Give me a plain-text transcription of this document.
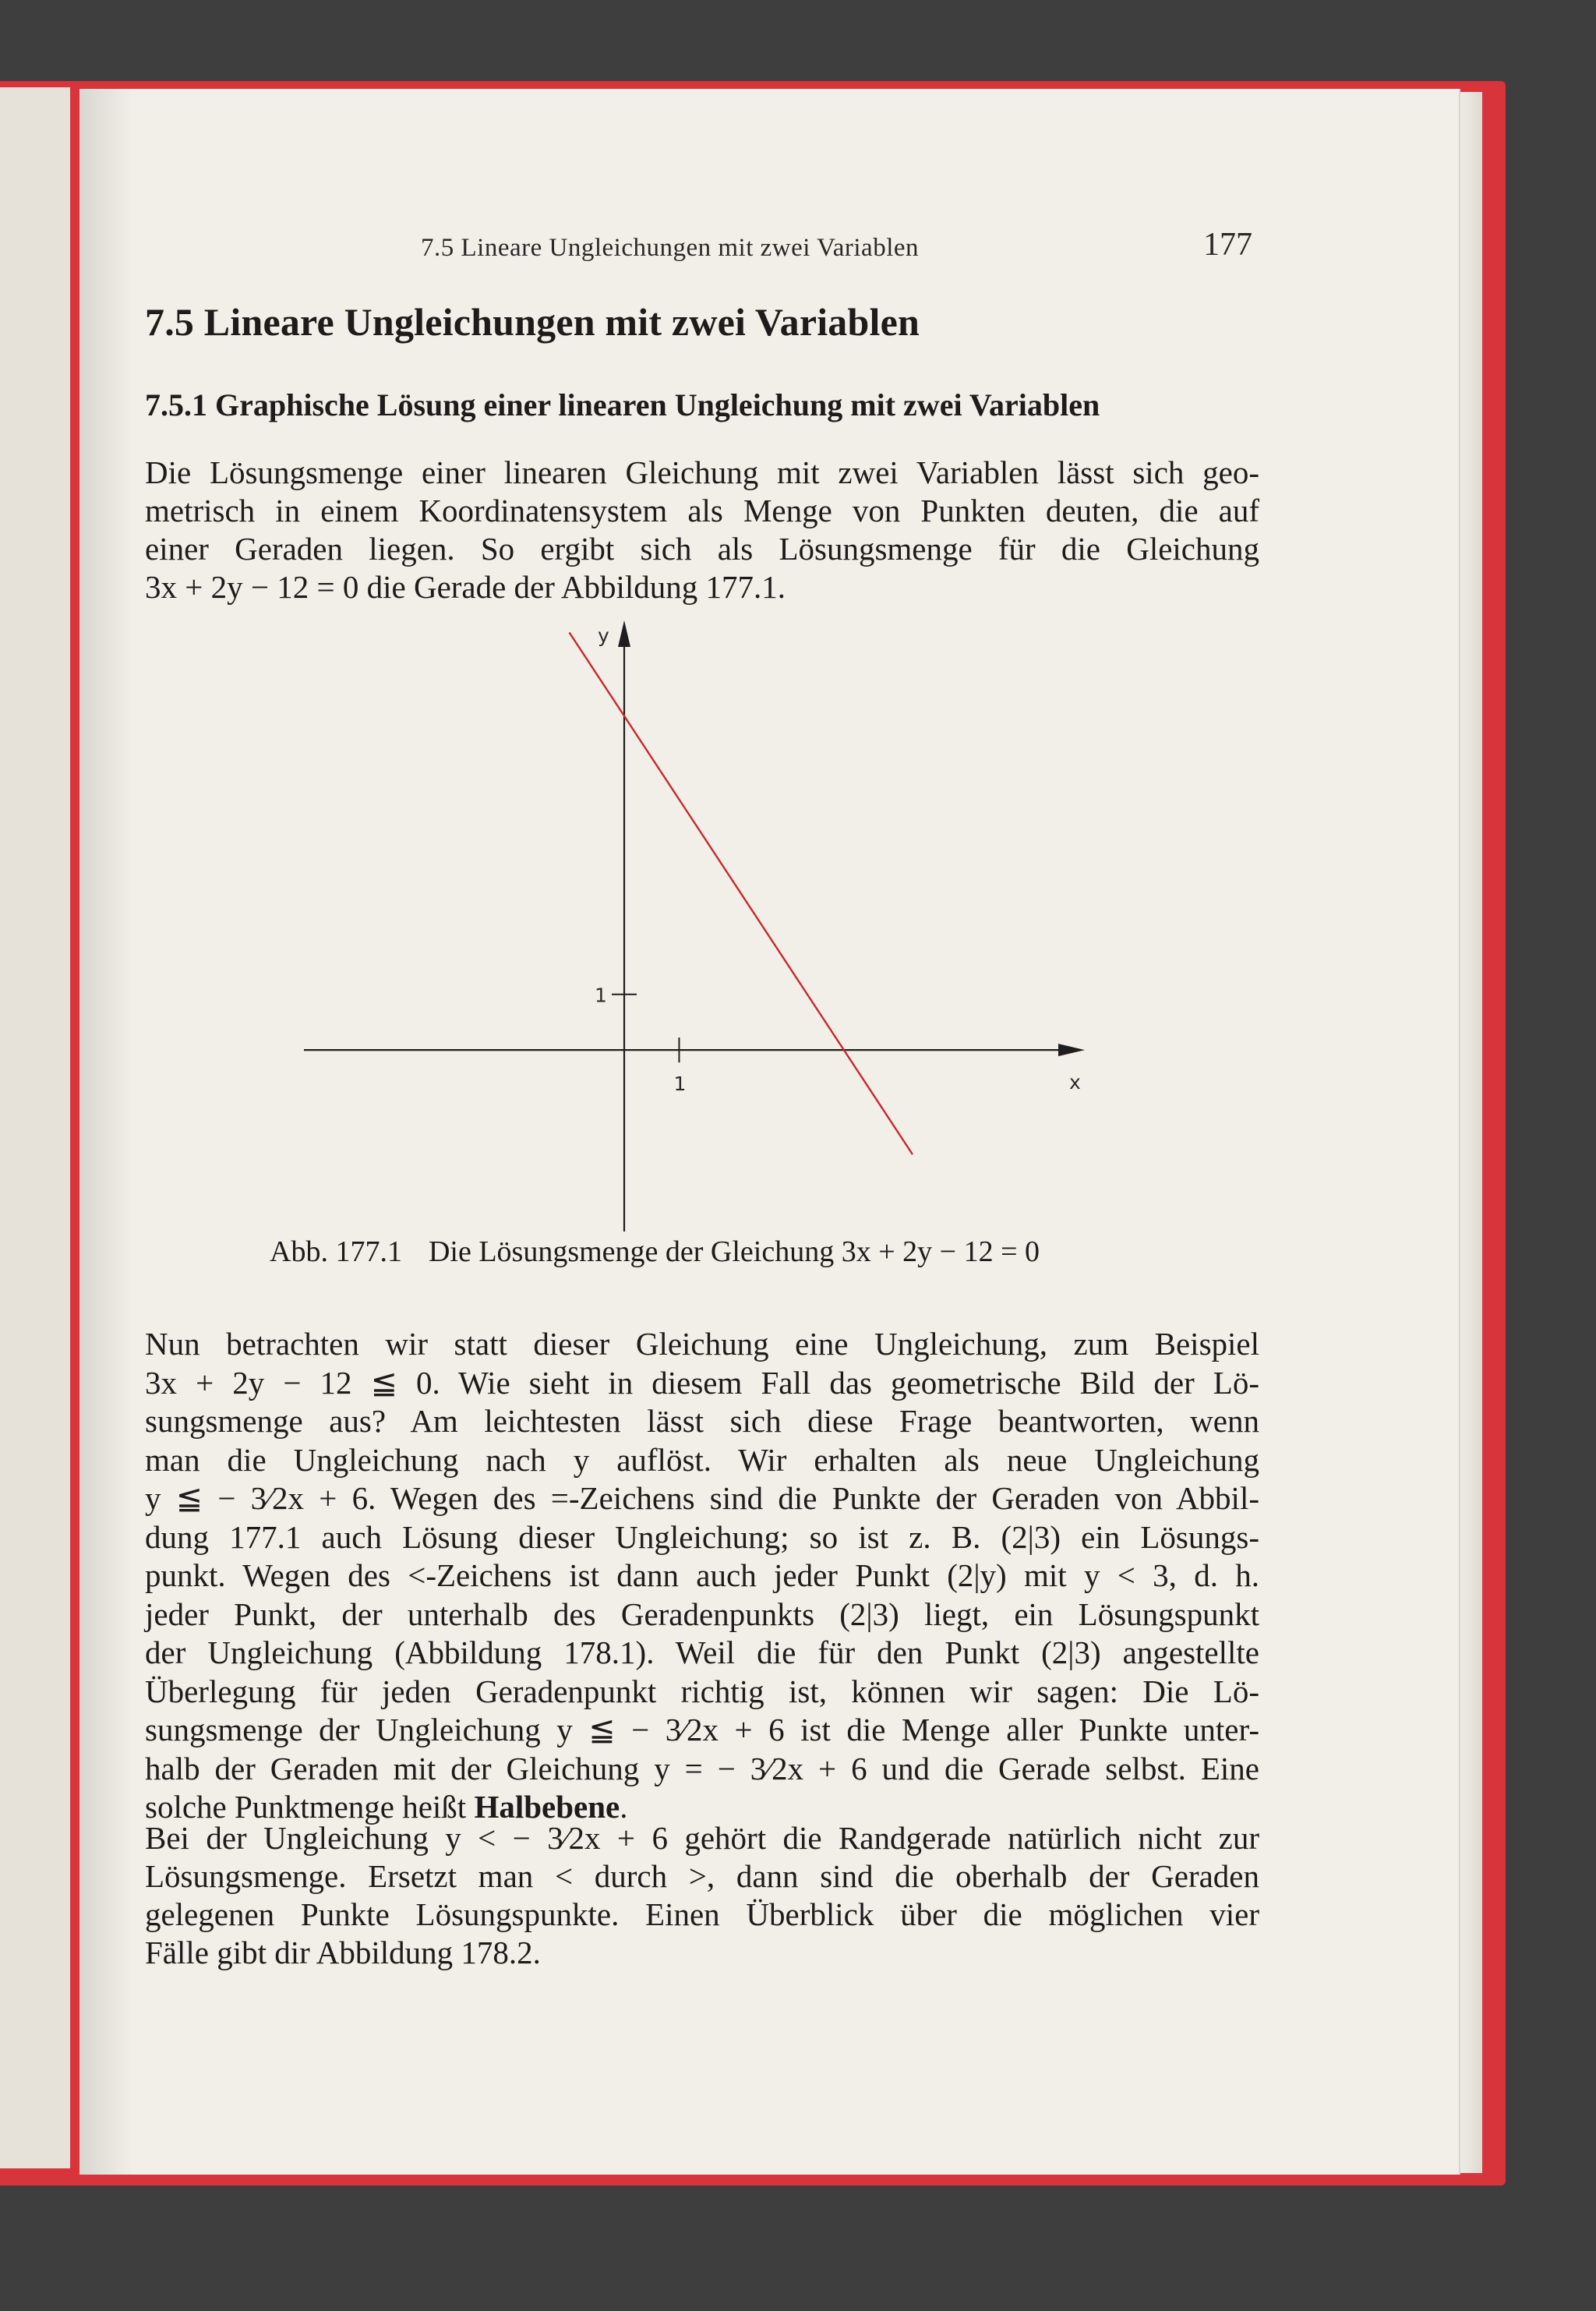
7.5 Lineare Ungleichungen mit zwei Variablen	177

7.5 Lineare Ungleichungen mit zwei Variablen
7.5.1 Graphische Lösung einer linearen Ungleichung mit zwei Variablen
Die Lösungsmenge einer linearen Gleichung mit zwei Variablen lässt sich geo-
metrisch in einem Koordinatensystem als Menge von Punkten deuten, die auf
einer Geraden liegen. So ergibt sich als Lösungsmenge für die Gleichung
3x + 2y − 12 = 0 die Gerade der Abbildung 177.1.
y
x
1
1

Abb. 177.1 Die Lösungsmenge der Gleichung 3x + 2y − 12 = 0

Nun betrachten wir statt dieser Gleichung eine Ungleichung, zum Beispiel
3x + 2y − 12 ≦ 0. Wie sieht in diesem Fall das geometrische Bild der Lö-
sungsmenge aus? Am leichtesten lässt sich diese Frage beantworten, wenn
man die Ungleichung nach y auflöst. Wir erhalten als neue Ungleichung
y ≦ − 3⁄2x + 6. Wegen des =-Zeichens sind die Punkte der Geraden von Abbil-
dung 177.1 auch Lösung dieser Ungleichung; so ist z. B. (2|3) ein Lösungs-
punkt. Wegen des <-Zeichens ist dann auch jeder Punkt (2|y) mit y < 3, d. h.
jeder Punkt, der unterhalb des Geradenpunkts (2|3) liegt, ein Lösungspunkt
der Ungleichung (Abbildung 178.1). Weil die für den Punkt (2|3) angestellte
Überlegung für jeden Geradenpunkt richtig ist, können wir sagen: Die Lö-
sungsmenge der Ungleichung y ≦ − 3⁄2x + 6 ist die Menge aller Punkte unter-
halb der Geraden mit der Gleichung y = − 3⁄2x + 6 und die Gerade selbst. Eine
solche Punktmenge heißt Halbebene.
Bei der Ungleichung y < − 3⁄2x + 6 gehört die Randgerade natürlich nicht zur
Lösungsmenge. Ersetzt man < durch >, dann sind die oberhalb der Geraden
gelegenen Punkte Lösungspunkte. Einen Überblick über die möglichen vier
Fälle gibt dir Abbildung 178.2.
